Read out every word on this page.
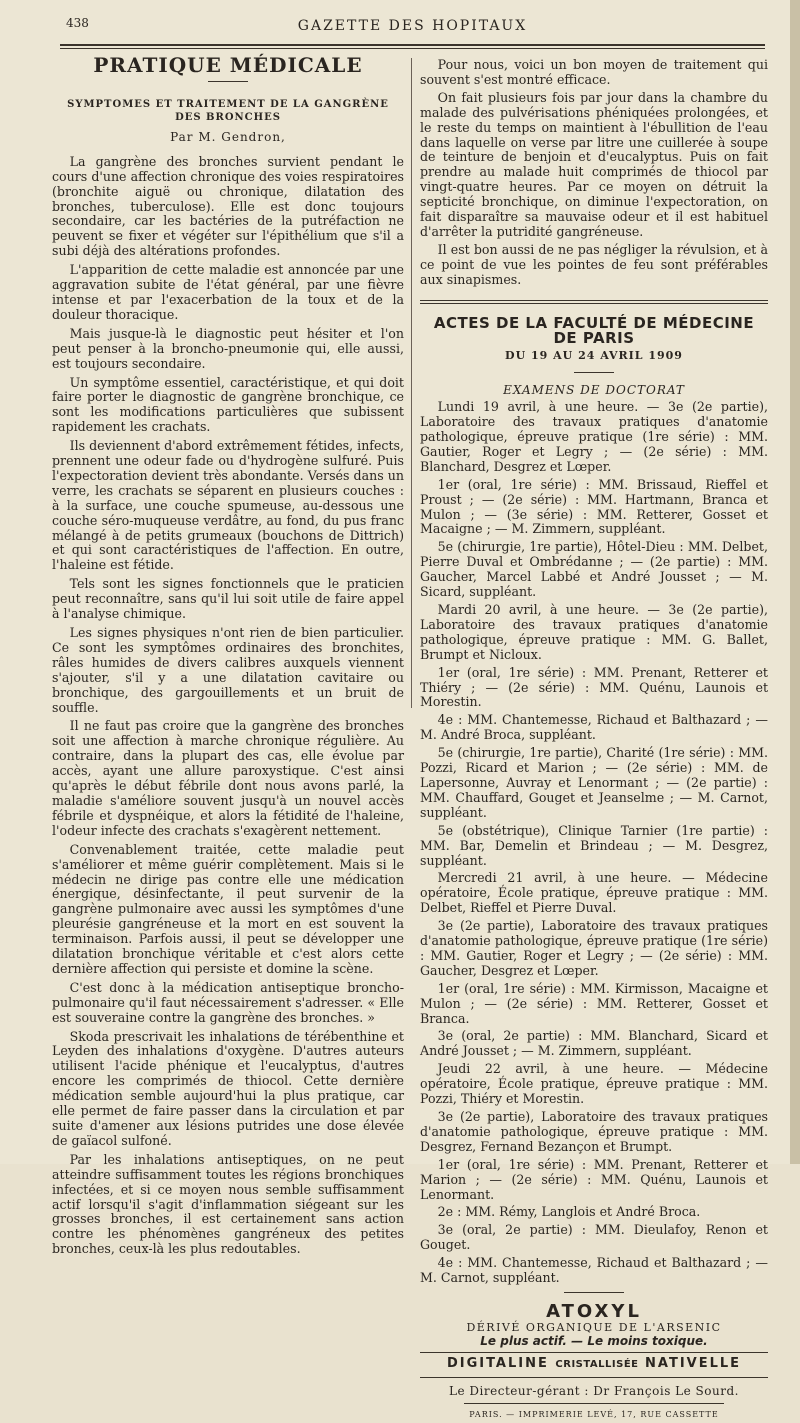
438	GAZETTE DES HOPITAUX
PRATIQUE MÉDICALE
SYMPTOMES ET TRAITEMENT DE LA GANGRÈNE DES BRONCHES
Par M. Gendron,

La gangrène des bronches survient pendant le cours d'une affection chronique des voies respiratoires (bronchite aiguë ou chronique, dilatation des bronches, tuberculose). Elle est donc toujours secondaire, car les bactéries de la putréfaction ne peuvent se fixer et végéter sur l'épithélium que s'il a subi déjà des altérations profondes.

L'apparition de cette maladie est annoncée par une aggravation subite de l'état général, par une fièvre intense et par l'exacerbation de la toux et de la douleur thoracique.

Mais jusque-là le diagnostic peut hésiter et l'on peut penser à la broncho-pneumonie qui, elle aussi, est toujours secondaire.

Un symptôme essentiel, caractéristique, et qui doit faire porter le diagnostic de gangrène bronchique, ce sont les modifications particulières que subissent rapidement les crachats.

Ils deviennent d'abord extrêmement fétides, infects, prennent une odeur fade ou d'hydrogène sulfuré. Puis l'expectoration devient très abondante. Versés dans un verre, les crachats se séparent en plusieurs couches : à la surface, une couche spumeuse, au-dessous une couche séro-muqueuse verdâtre, au fond, du pus franc mélangé à de petits grumeaux (bouchons de Dittrich) et qui sont caractéristiques de l'affection. En outre, l'haleine est fétide.

Tels sont les signes fonctionnels que le praticien peut reconnaître, sans qu'il lui soit utile de faire appel à l'analyse chimique.

Les signes physiques n'ont rien de bien particulier. Ce sont les symptômes ordinaires des bronchites, râles humides de divers calibres auxquels viennent s'ajouter, s'il y a une dilatation cavitaire ou bronchique, des gargouillements et un bruit de souffle.

Il ne faut pas croire que la gangrène des bronches soit une affection à marche chronique régulière. Au contraire, dans la plupart des cas, elle évolue par accès, ayant une allure paroxystique. C'est ainsi qu'après le début fébrile dont nous avons parlé, la maladie s'améliore souvent jusqu'à un nouvel accès fébrile et dyspnéique, et alors la fétidité de l'haleine, l'odeur infecte des crachats s'exagèrent nettement.

Convenablement traitée, cette maladie peut s'améliorer et même guérir complètement. Mais si le médecin ne dirige pas contre elle une médication énergique, désinfectante, il peut survenir de la gangrène pulmonaire avec aussi les symptômes d'une pleurésie gangréneuse et la mort en est souvent la terminaison. Parfois aussi, il peut se développer une dilatation bronchique véritable et c'est alors cette dernière affection qui persiste et domine la scène.

C'est donc à la médication antiseptique broncho-pulmonaire qu'il faut nécessairement s'adresser. « Elle est souveraine contre la gangrène des bronches. »

Skoda prescrivait les inhalations de térébenthine et Leyden des inhalations d'oxygène. D'autres auteurs utilisent l'acide phénique et l'eucalyptus, d'autres encore les comprimés de thiocol. Cette dernière médication semble aujourd'hui la plus pratique, car elle permet de faire passer dans la circulation et par suite d'amener aux lésions putrides une dose élevée de gaïacol sulfoné.

Par les inhalations antiseptiques, on ne peut atteindre suffisamment toutes les régions bronchiques infectées, et si ce moyen nous semble suffisamment actif lorsqu'il s'agit d'inflammation siégeant sur les grosses bronches, il est certainement sans action contre les phénomènes gangréneux des petites bronches, ceux-là les plus redoutables.

Pour nous, voici un bon moyen de traitement qui souvent s'est montré efficace.

On fait plusieurs fois par jour dans la chambre du malade des pulvérisations phéniquées prolongées, et le reste du temps on maintient à l'ébullition de l'eau dans laquelle on verse par litre une cuillerée à soupe de teinture de benjoin et d'eucalyptus. Puis on fait prendre au malade huit comprimés de thiocol par vingt-quatre heures. Par ce moyen on détruit la septicité bronchique, on diminue l'expectoration, on fait disparaître sa mauvaise odeur et il est habituel d'arrêter la putridité gangréneuse.

Il est bon aussi de ne pas négliger la révulsion, et à ce point de vue les pointes de feu sont préférables aux sinapismes.

ACTES DE LA FACULTÉ DE MÉDECINE DE PARIS
DU 19 AU 24 AVRIL 1909
EXAMENS DE DOCTORAT

Lundi 19 avril, à une heure. — 3e (2e partie), Laboratoire des travaux pratiques d'anatomie pathologique, épreuve pratique (1re série) : MM. Gautier, Roger et Legry ; — (2e série) : MM. Blanchard, Desgrez et Lœper.

1er (oral, 1re série) : MM. Brissaud, Rieffel et Proust ; — (2e série) : MM. Hartmann, Branca et Mulon ; — (3e série) : MM. Retterer, Gosset et Macaigne ; — M. Zimmern, suppléant.

5e (chirurgie, 1re partie), Hôtel-Dieu : MM. Delbet, Pierre Duval et Ombrédanne ; — (2e partie) : MM. Gaucher, Marcel Labbé et André Jousset ; — M. Sicard, suppléant.

Mardi 20 avril, à une heure. — 3e (2e partie), Laboratoire des travaux pratiques d'anatomie pathologique, épreuve pratique : MM. G. Ballet, Brumpt et Nicloux.

1er (oral, 1re série) : MM. Prenant, Retterer et Thiéry ; — (2e série) : MM. Quénu, Launois et Morestin.

4e : MM. Chantemesse, Richaud et Balthazard ; — M. André Broca, suppléant.

5e (chirurgie, 1re partie), Charité (1re série) : MM. Pozzi, Ricard et Marion ; — (2e série) : MM. de Lapersonne, Auvray et Lenormant ; — (2e partie) : MM. Chauffard, Gouget et Jeanselme ; — M. Carnot, suppléant.

5e (obstétrique), Clinique Tarnier (1re partie) : MM. Bar, Demelin et Brindeau ; — M. Desgrez, suppléant.

Mercredi 21 avril, à une heure. — Médecine opératoire, École pratique, épreuve pratique : MM. Delbet, Rieffel et Pierre Duval.

3e (2e partie), Laboratoire des travaux pratiques d'anatomie pathologique, épreuve pratique (1re série) : MM. Gautier, Roger et Legry ; — (2e série) : MM. Gaucher, Desgrez et Lœper.

1er (oral, 1re série) : MM. Kirmisson, Macaigne et Mulon ; — (2e série) : MM. Retterer, Gosset et Branca.

3e (oral, 2e partie) : MM. Blanchard, Sicard et André Jousset ; — M. Zimmern, suppléant.

Jeudi 22 avril, à une heure. — Médecine opératoire, École pratique, épreuve pratique : MM. Pozzi, Thiéry et Morestin.

3e (2e partie), Laboratoire des travaux pratiques d'anatomie pathologique, épreuve pratique : MM. Desgrez, Fernand Bezançon et Brumpt.

1er (oral, 1re série) : MM. Prenant, Retterer et Marion ; — (2e série) : MM. Quénu, Launois et Lenormant.

2e : MM. Rémy, Langlois et André Broca.

3e (oral, 2e partie) : MM. Dieulafoy, Renon et Gouget.

4e : MM. Chantemesse, Richaud et Balthazard ; — M. Carnot, suppléant.

ATOXYL
DÉRIVÉ ORGANIQUE DE L'ARSENIC
Le plus actif. — Le moins toxique.
DIGITALINE CRISTALLISÉE NATIVELLE
Le Directeur-gérant : Dr François Le Sourd.
PARIS. — IMPRIMERIE LEVÉ, 17, RUE CASSETTE
